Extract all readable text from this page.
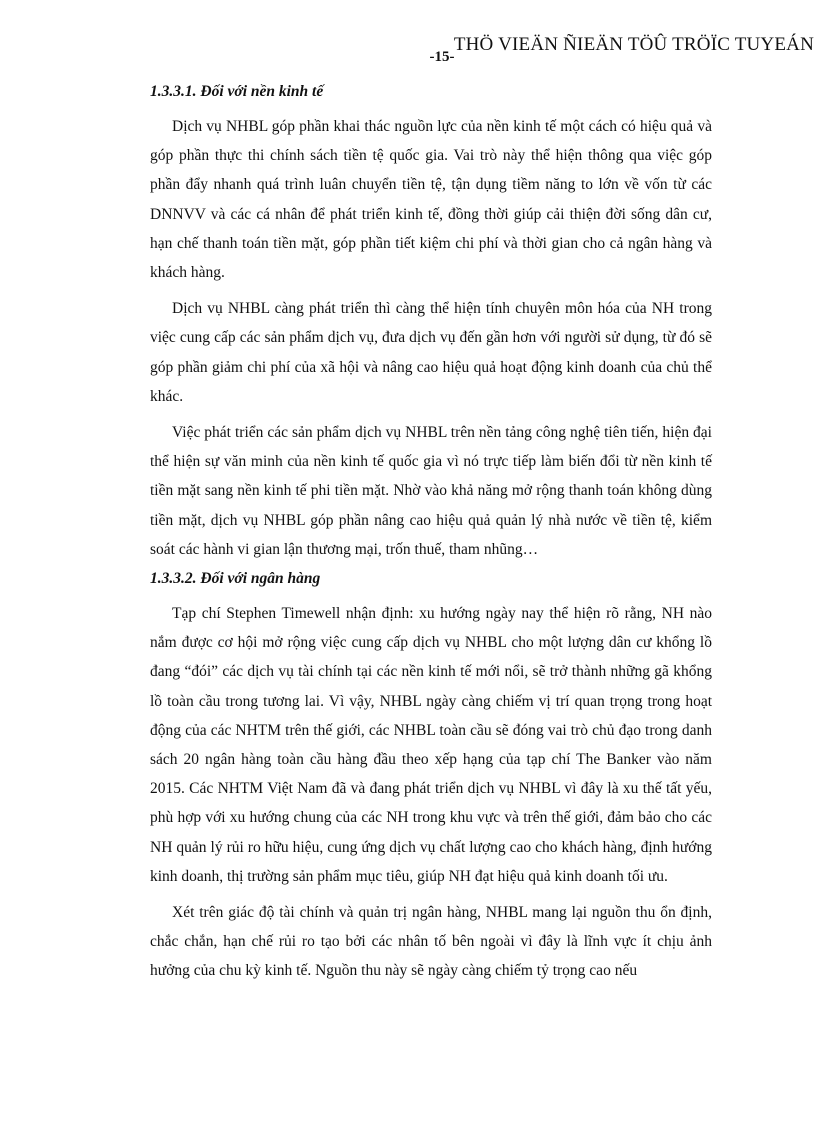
THÖ VIEÄN ÑIEÄN TÖÛ TRÖÏC TUYEÁN
-15-
1.3.3.1. Đối với nền kinh tế

Dịch vụ NHBL góp phần khai thác nguồn lực của nền kinh tế một cách có hiệu quả và góp phần thực thi chính sách tiền tệ quốc gia. Vai trò này thể hiện thông qua việc góp phần đẩy nhanh quá trình luân chuyển tiền tệ, tận dụng tiềm năng to lớn về vốn từ các DNNVV và các cá nhân để phát triển kinh tế, đồng thời giúp cải thiện đời sống dân cư, hạn chế thanh toán tiền mặt, góp phần tiết kiệm chi phí và thời gian cho cả ngân hàng và khách hàng.

Dịch vụ NHBL càng phát triển thì càng thể hiện tính chuyên môn hóa của NH trong việc cung cấp các sản phẩm dịch vụ, đưa dịch vụ đến gần hơn với người sử dụng, từ đó sẽ góp phần giảm chi phí của xã hội và nâng cao hiệu quả hoạt động kinh doanh của chủ thể khác.

Việc phát triển các sản phẩm dịch vụ NHBL trên nền tảng công nghệ tiên tiến, hiện đại thể hiện sự văn minh của nền kinh tế quốc gia vì nó trực tiếp làm biến đổi từ nền kinh tế tiền mặt sang nền kinh tế phi tiền mặt. Nhờ vào khả năng mở rộng thanh toán không dùng tiền mặt, dịch vụ NHBL góp phần nâng cao hiệu quả quản lý nhà nước về tiền tệ, kiểm soát các hành vi gian lận thương mại, trốn thuế, tham nhũng…

1.3.3.2. Đối với ngân hàng

Tạp chí Stephen Timewell nhận định: xu hướng ngày nay thể hiện rõ rằng, NH nào nắm được cơ hội mở rộng việc cung cấp dịch vụ NHBL cho một lượng dân cư khổng lồ đang “đói” các dịch vụ tài chính tại các nền kinh tế mới nổi, sẽ trở thành những gã khổng lồ toàn cầu trong tương lai. Vì vậy, NHBL ngày càng chiếm vị trí quan trọng trong hoạt động của các NHTM trên thế giới, các NHBL toàn cầu sẽ đóng vai trò chủ đạo trong danh sách 20 ngân hàng toàn cầu hàng đầu theo xếp hạng của tạp chí The Banker vào năm 2015. Các NHTM Việt Nam đã và đang phát triển dịch vụ NHBL vì đây là xu thế tất yếu, phù hợp với xu hướng chung của các NH trong khu vực và trên thế giới, đảm bảo cho các NH quản lý rủi ro hữu hiệu, cung ứng dịch vụ chất lượng cao cho khách hàng, định hướng kinh doanh, thị trường sản phẩm mục tiêu, giúp NH đạt hiệu quả kinh doanh tối ưu.

Xét trên giác độ tài chính và quản trị ngân hàng, NHBL mang lại nguồn thu ổn định, chắc chắn, hạn chế rủi ro tạo bởi các nhân tố bên ngoài vì đây là lĩnh vực ít chịu ảnh hưởng của chu kỳ kinh tế. Nguồn thu này sẽ ngày càng chiếm tỷ trọng cao nếu
